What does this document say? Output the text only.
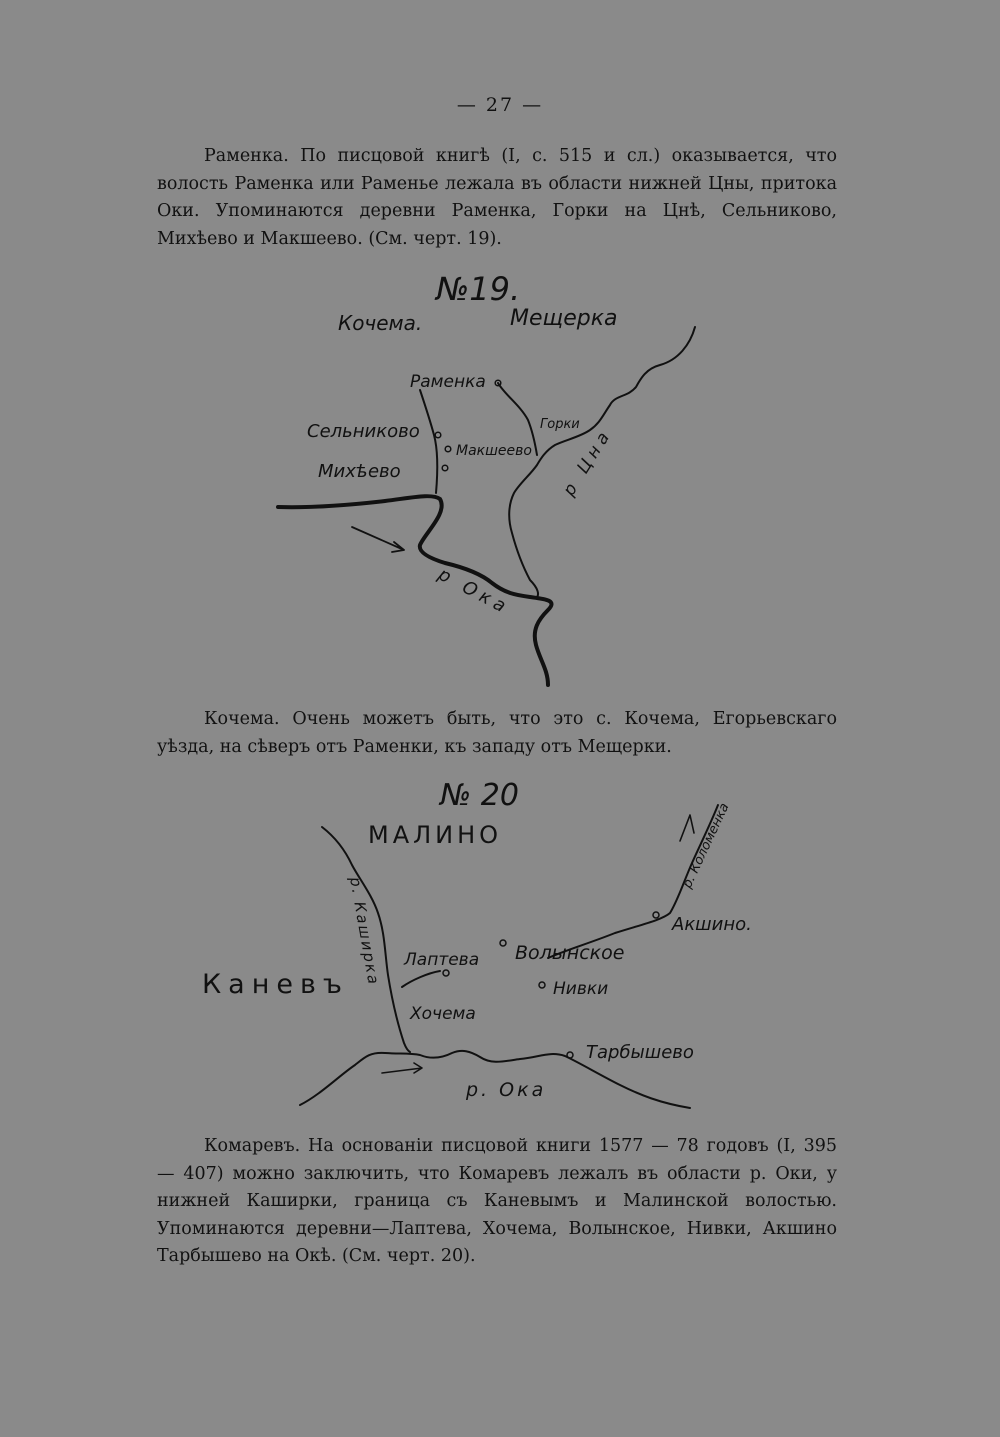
— 27 —

Раменка. По писцовой книгѣ (I, с. 515 и сл.) оказывается, что волость Раменка или Раменье лежала въ области нижней Цны, притока Оки. Упоминаются деревни Раменка, Горки на Цнѣ, Сельниково, Михѣево и Макшеево. (См. черт. 19).

№19.
Кочема.	Мещерка
Раменка
Горки
Сельниково
Макшеево
Михѣево	р Цна
р Ока

Кочема. Очень можетъ быть, что это с. Кочема, Егорьевскаго уѣзда, на сѣверъ отъ Раменки, къ западу отъ Мещерки.

№ 20
МАЛИНО
р. Каширка
р. Коломенка
Акшино.
Волынское
Лаптева
Нивки
Каневъ
Хочема
Тарбышево
р. Ока

Комаревъ. На основанiи писцовой книги 1577 — 78 годовъ (I, 395 — 407) можно заключить, что Комаревъ лежалъ въ области р. Оки, у нижней Каширки, граница съ Каневымъ и Малинской волостью. Упоминаются деревни—Лаптева, Хочема, Волынское, Нивки, Акшино Тарбышево на Окѣ. (См. черт. 20).
